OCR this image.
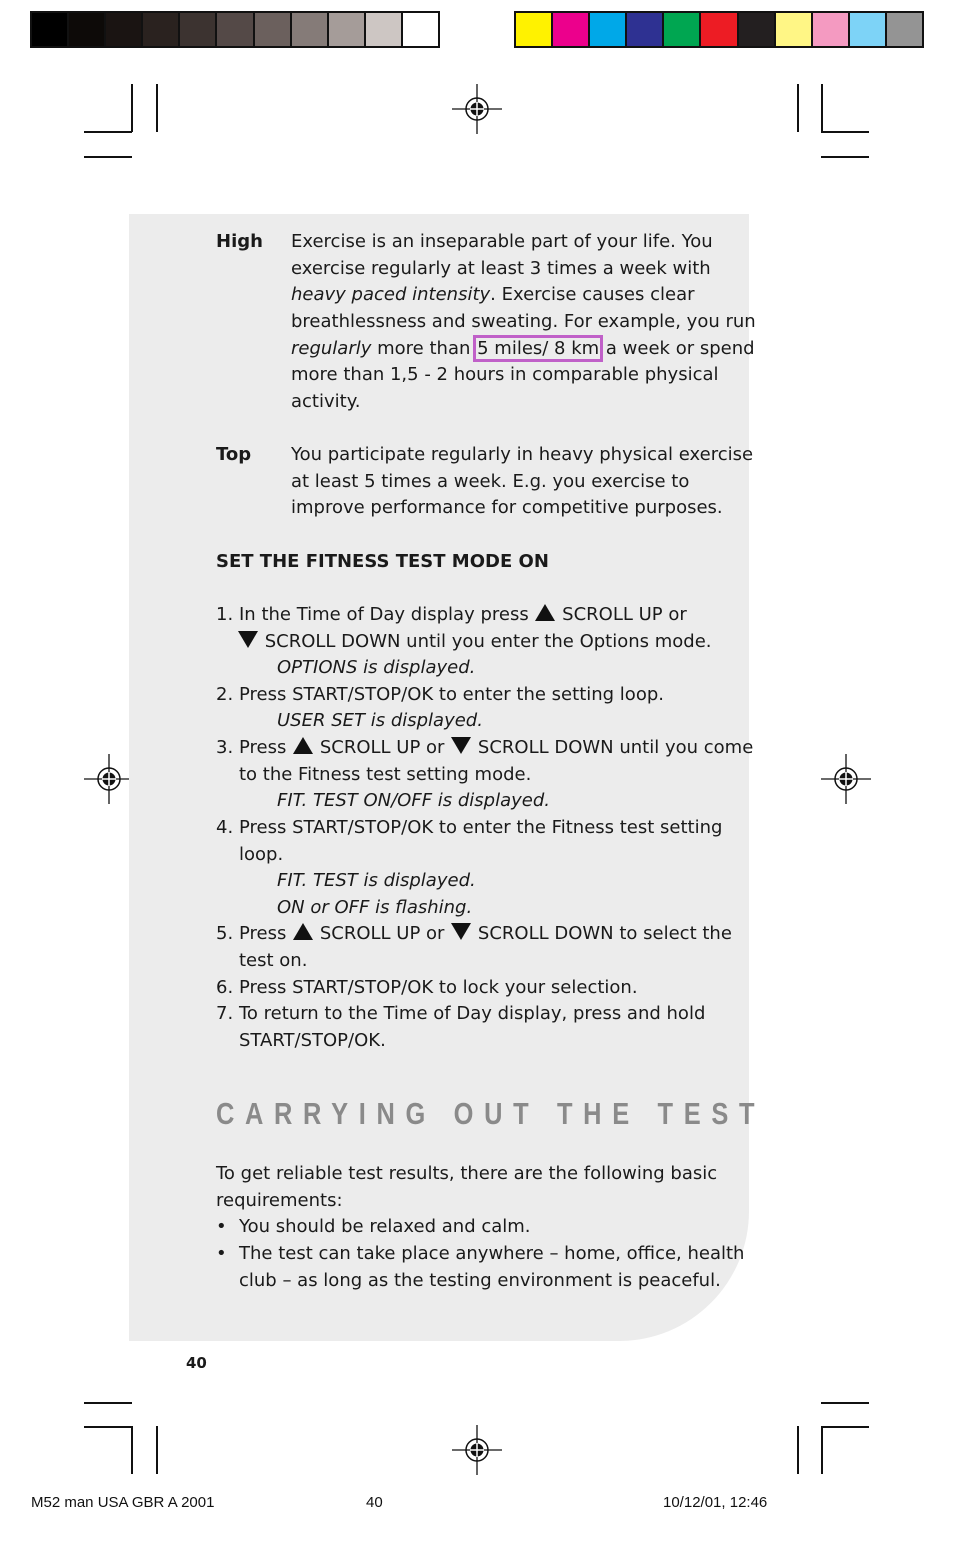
High Exercise is an inseparable part of your life. You
exercise regularly at least 3 times a week with
heavy paced intensity. Exercise causes clear
breathlessness and sweating. For example, you run
regularly more than 5 miles/ 8 km a week or spend
more than 1,5 - 2 hours in comparable physical
activity.
Top You participate regularly in heavy physical exercise
at least 5 times a week. E.g. you exercise to
improve performance for competitive purposes.
SET THE FITNESS TEST MODE ON
1. In the Time of Day display press  SCROLL UP or
SCROLL DOWN until you enter the Options mode.
OPTIONS is displayed.
2. Press START/STOP/OK to enter the setting loop.
USER SET is displayed.
3. Press  SCROLL UP or  SCROLL DOWN until you come
to the Fitness test setting mode.
FIT. TEST ON/OFF is displayed.
4. Press START/STOP/OK to enter the Fitness test setting
loop.
FIT. TEST is displayed.
ON or OFF is flashing.
5. Press  SCROLL UP or  SCROLL DOWN to select the
test on.
6. Press START/STOP/OK to lock your selection.
7. To return to the Time of Day display, press and hold
START/STOP/OK.
CARRYING OUT THE TEST
To get reliable test results, there are the following basic
requirements:
• You should be relaxed and calm.
• The test can take place anywhere – home, office, health
club – as long as the testing environment is peaceful.
40
M52 man USA GBR A 2001	40	10/12/01, 12:46
